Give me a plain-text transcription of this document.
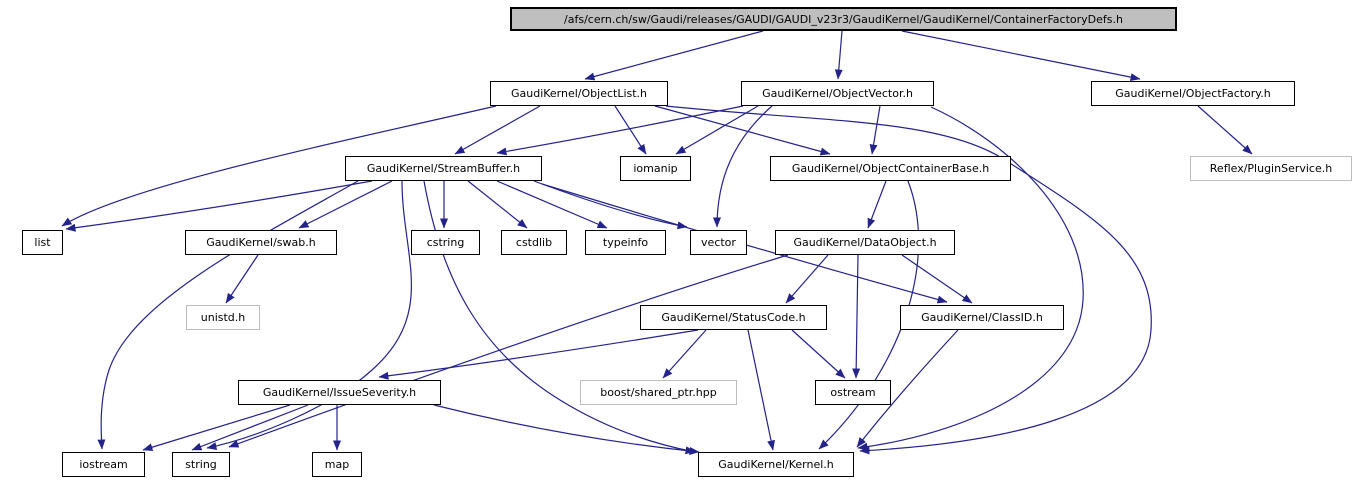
/afs/cern.ch/sw/Gaudi/releases/GAUDI/GAUDI_v23r3/GaudiKernel/GaudiKernel/ContainerFactoryDefs.h
GaudiKernel/ObjectList.h	GaudiKernel/ObjectVector.h	GaudiKernel/ObjectFactory.h
GaudiKernel/StreamBuffer.h	iomanip	GaudiKernel/ObjectContainerBase.h	Reflex/PluginService.h
list	GaudiKernel/swab.h	cstring	cstdlib	typeinfo	vector	GaudiKernel/DataObject.h
unistd.h	GaudiKernel/StatusCode.h	GaudiKernel/ClassID.h
GaudiKernel/IssueSeverity.h	boost/shared_ptr.hpp	ostream
iostream	string	map	GaudiKernel/Kernel.h
